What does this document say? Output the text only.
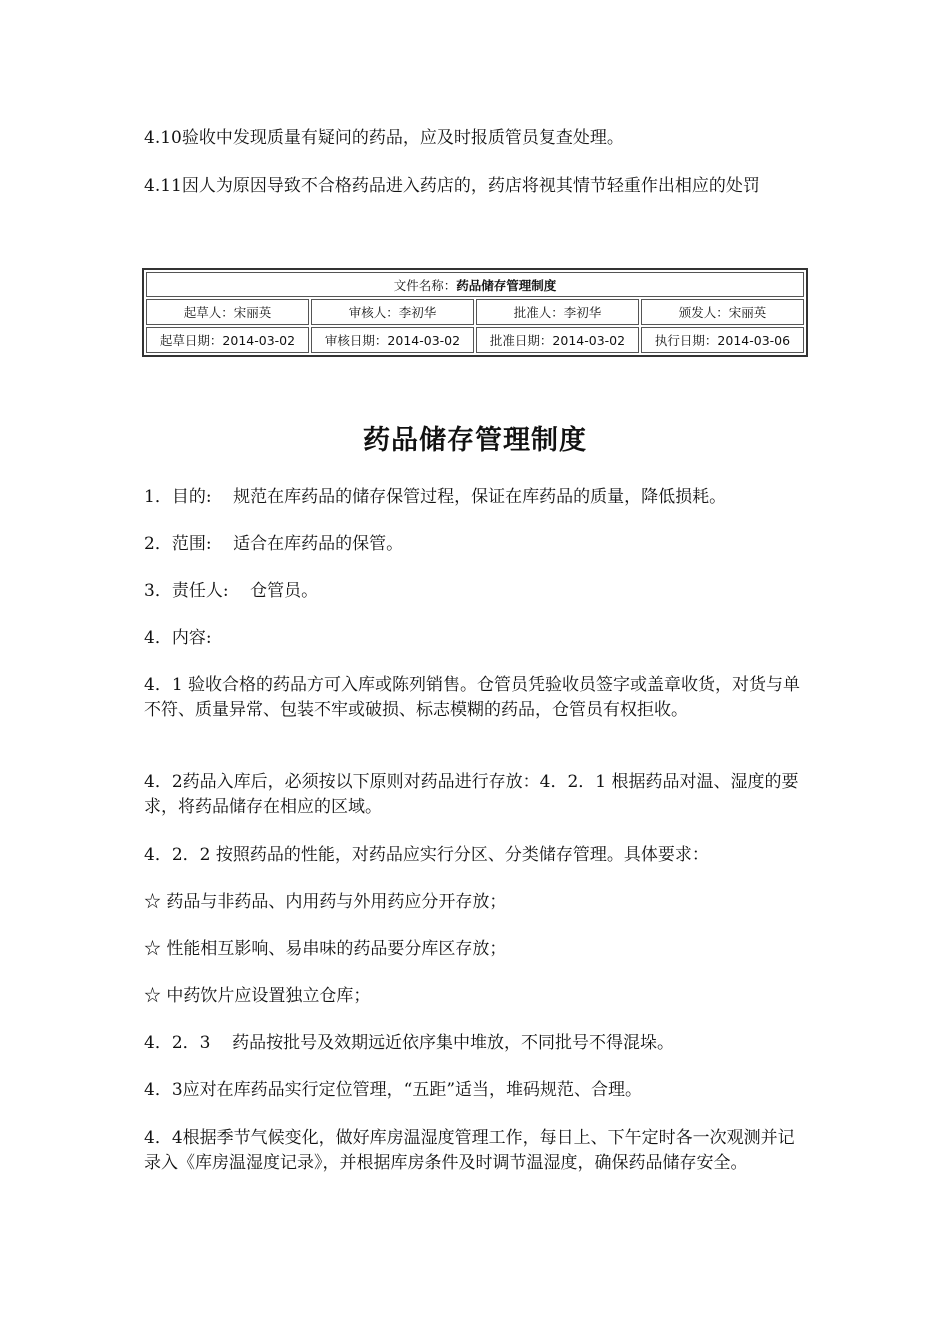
4.10验收中发现质量有疑问的药品，应及时报质管员复查处理。

4.11因人为原因导致不合格药品进入药店的，药店将视其情节轻重作出相应的处罚

文件名称：药品储存管理制度			
起草人：宋丽英	审核人：李初华	批准人：李初华	颁发人：宋丽英
起草日期：2014-03-02	审核日期：2014-03-02	批准日期：2014-03-02	执行日期：2014-03-06
药品储存管理制度

1．目的:    规范在库药品的储存保管过程，保证在库药品的质量，降低损耗。

2．范围:    适合在库药品的保管。

3．责任人:    仓管员。

4．内容:

4．1 验收合格的药品方可入库或陈列销售。仓管员凭验收员签字或盖章收货，对货与单不符、质量异常、包装不牢或破损、标志模糊的药品，仓管员有权拒收。

4．2药品入库后，必须按以下原则对药品进行存放：4．2．1 根据药品对温、湿度的要求，将药品储存在相应的区域。

4．2．2 按照药品的性能，对药品应实行分区、分类储存管理。具体要求：

☆ 药品与非药品、内用药与外用药应分开存放；

☆ 性能相互影响、易串味的药品要分库区存放；

☆ 中药饮片应设置独立仓库；

4．2．3    药品按批号及效期远近依序集中堆放，不同批号不得混垛。

4．3应对在库药品实行定位管理，“五距”适当，堆码规范、合理。

4．4根据季节气候变化，做好库房温湿度管理工作，每日上、下午定时各一次观测并记录入《库房温湿度记录》，并根据库房条件及时调节温湿度，确保药品储存安全。
